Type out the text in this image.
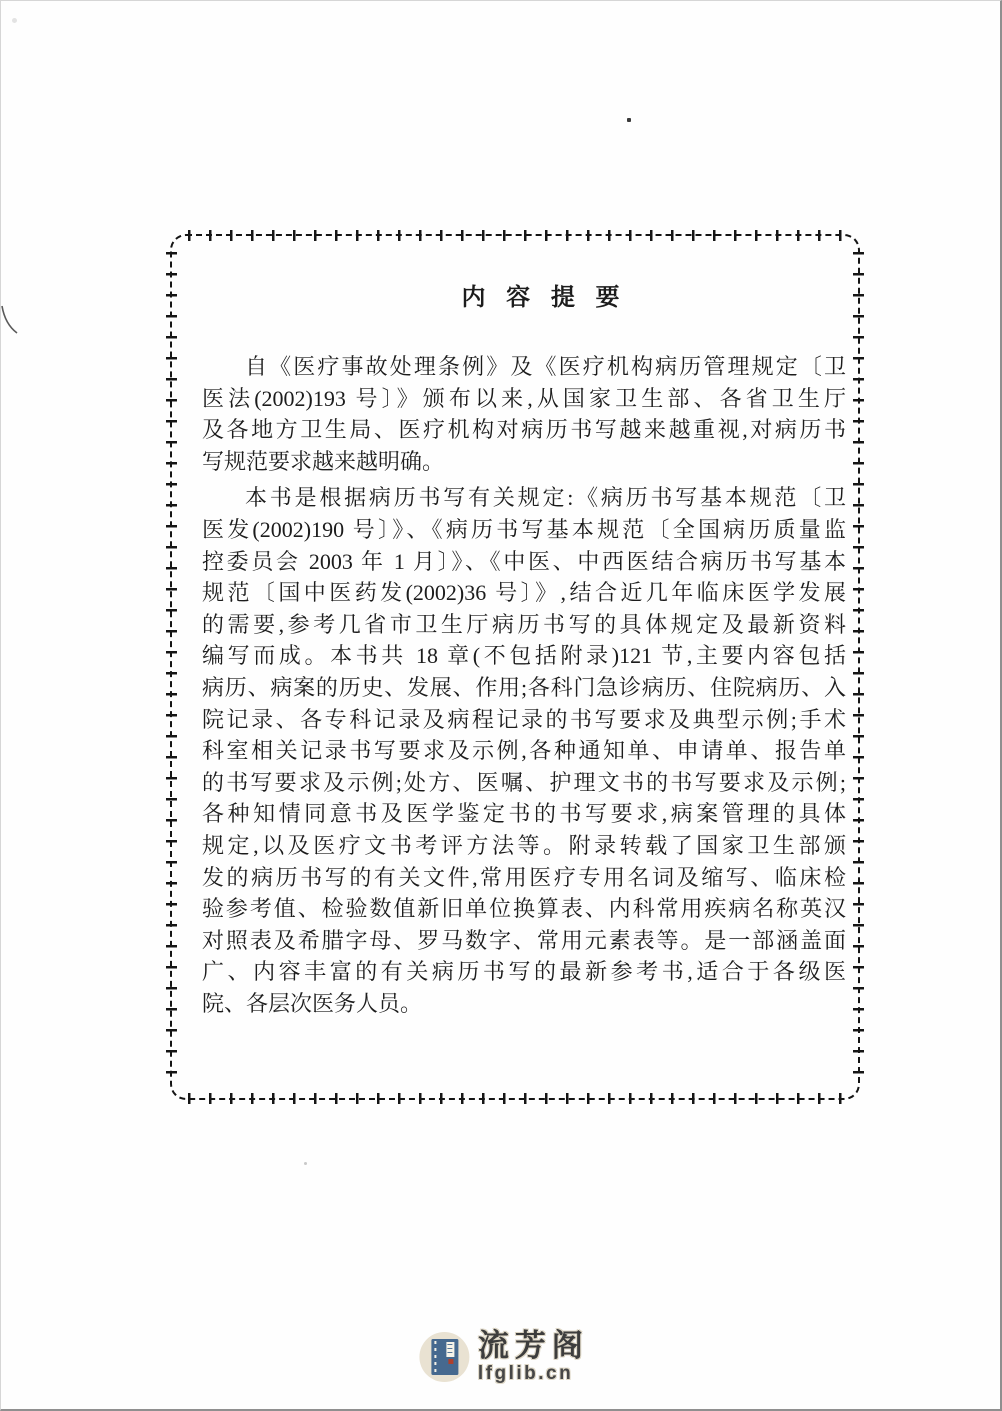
内 容 提 要
自《医疗事故处理条例》及《医疗机构病历管理规定〔卫
医法(2002)193 号〕》颁布以来,从国家卫生部、各省卫生厅
及各地方卫生局、医疗机构对病历书写越来越重视,对病历书
写规范要求越来越明确。
本书是根据病历书写有关规定:《病历书写基本规范〔卫
医发(2002)190 号〕》、《病历书写基本规范〔全国病历质量监
控委员会 2003 年 1 月〕》、《中医、中西医结合病历书写基本
规范〔国中医药发(2002)36 号〕》,结合近几年临床医学发展
的需要,参考几省市卫生厅病历书写的具体规定及最新资料
编写而成。本书共 18 章(不包括附录)121 节,主要内容包括
病历、病案的历史、发展、作用;各科门急诊病历、住院病历、入
院记录、各专科记录及病程记录的书写要求及典型示例;手术
科室相关记录书写要求及示例,各种通知单、申请单、报告单
的书写要求及示例;处方、医嘱、护理文书的书写要求及示例;
各种知情同意书及医学鉴定书的书写要求,病案管理的具体
规定,以及医疗文书考评方法等。附录转载了国家卫生部颁
发的病历书写的有关文件,常用医疗专用名词及缩写、临床检
验参考值、检验数值新旧单位换算表、内科常用疾病名称英汉
对照表及希腊字母、罗马数字、常用元素表等。是一部涵盖面
广、内容丰富的有关病历书写的最新参考书,适合于各级医
院、各层次医务人员。
流芳阁
lfglib.cn
